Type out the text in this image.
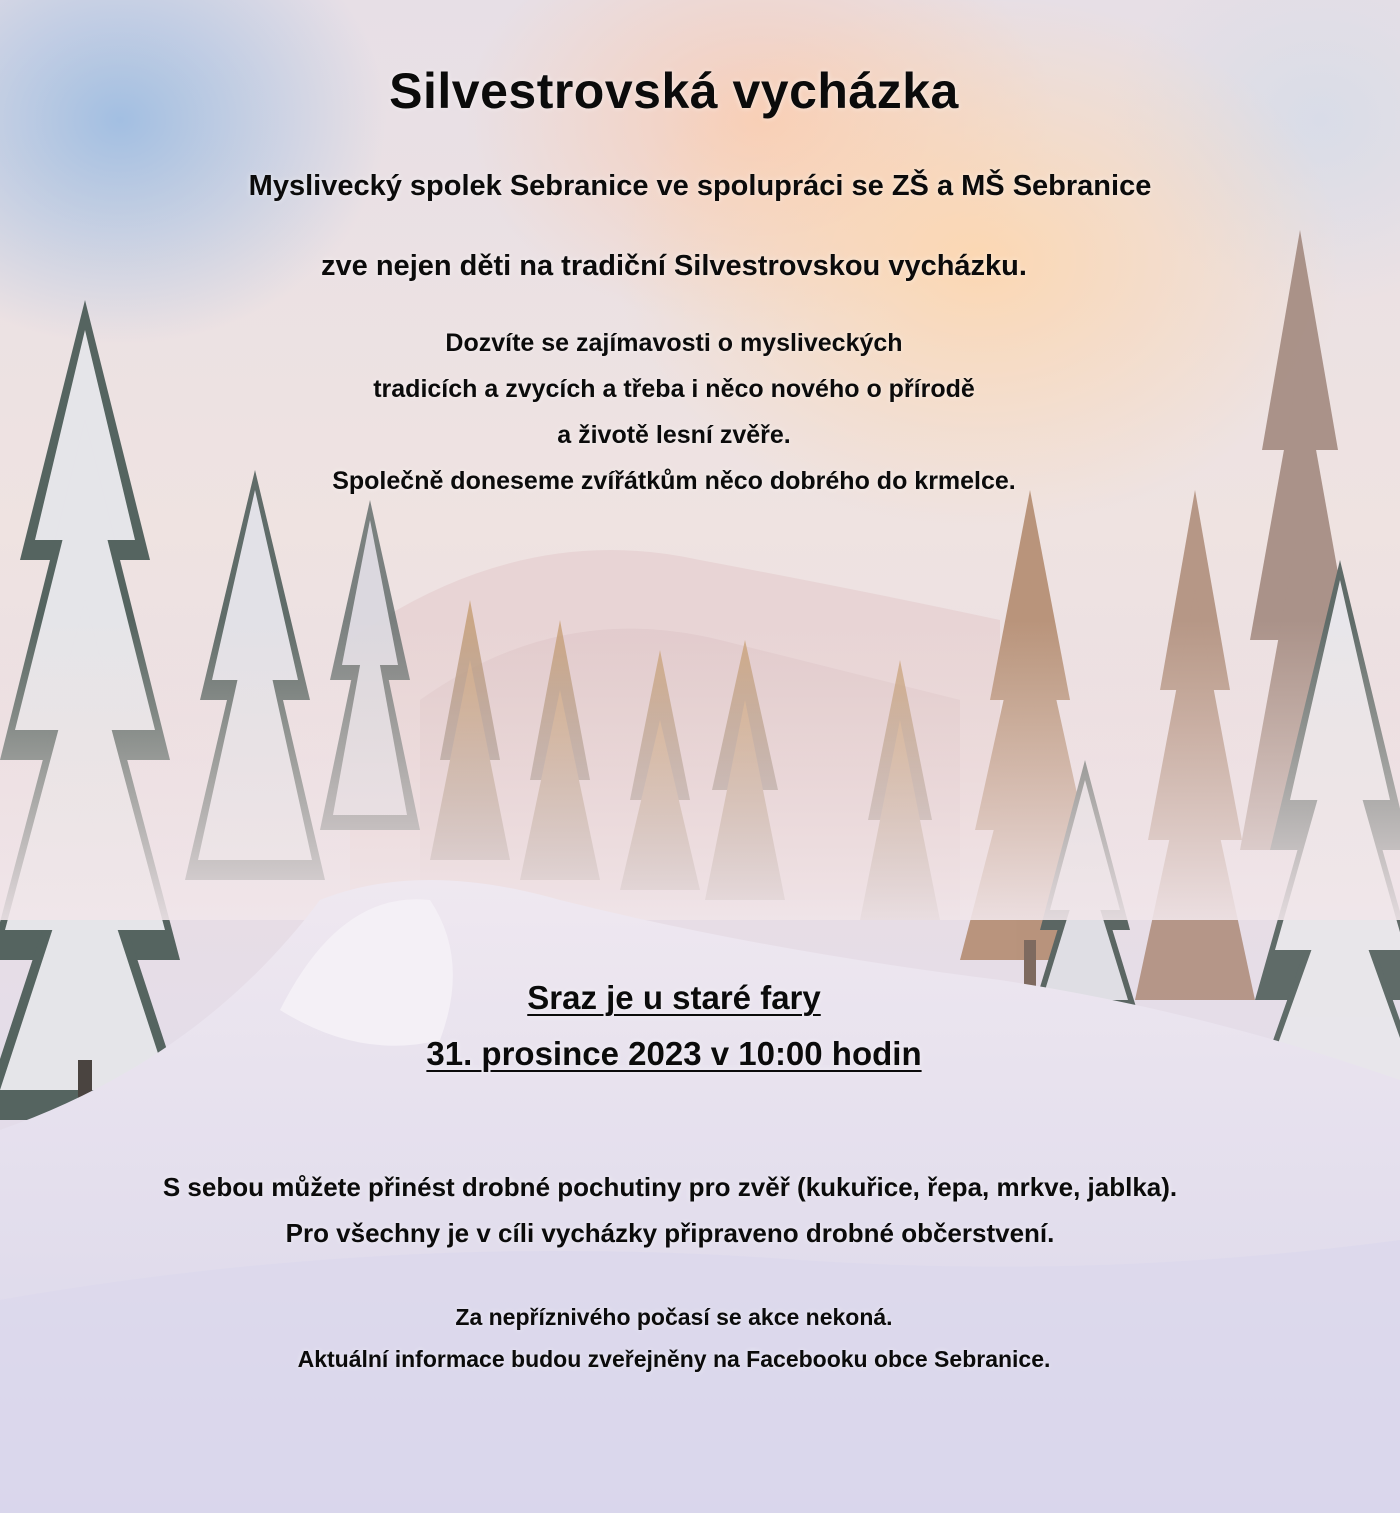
Silvestrovská vycházka
Myslivecký spolek Sebranice ve spolupráci se ZŠ a MŠ Sebranice
zve nejen děti na tradiční Silvestrovskou vycházku.
Dozvíte se zajímavosti o mysliveckých
tradicích a zvycích a třeba i něco nového o přírodě
a životě lesní zvěře.
Společně doneseme zvířátkům něco dobrého do krmelce.
Sraz je u staré fary
31. prosince 2023 v 10:00 hodin
S sebou můžete přinést drobné pochutiny pro zvěř (kukuřice, řepa, mrkve, jablka).
Pro všechny je v cíli vycházky připraveno drobné občerstvení.
Za nepříznivého počasí se akce nekoná.
Aktuální informace budou zveřejněny na Facebooku obce Sebranice.
